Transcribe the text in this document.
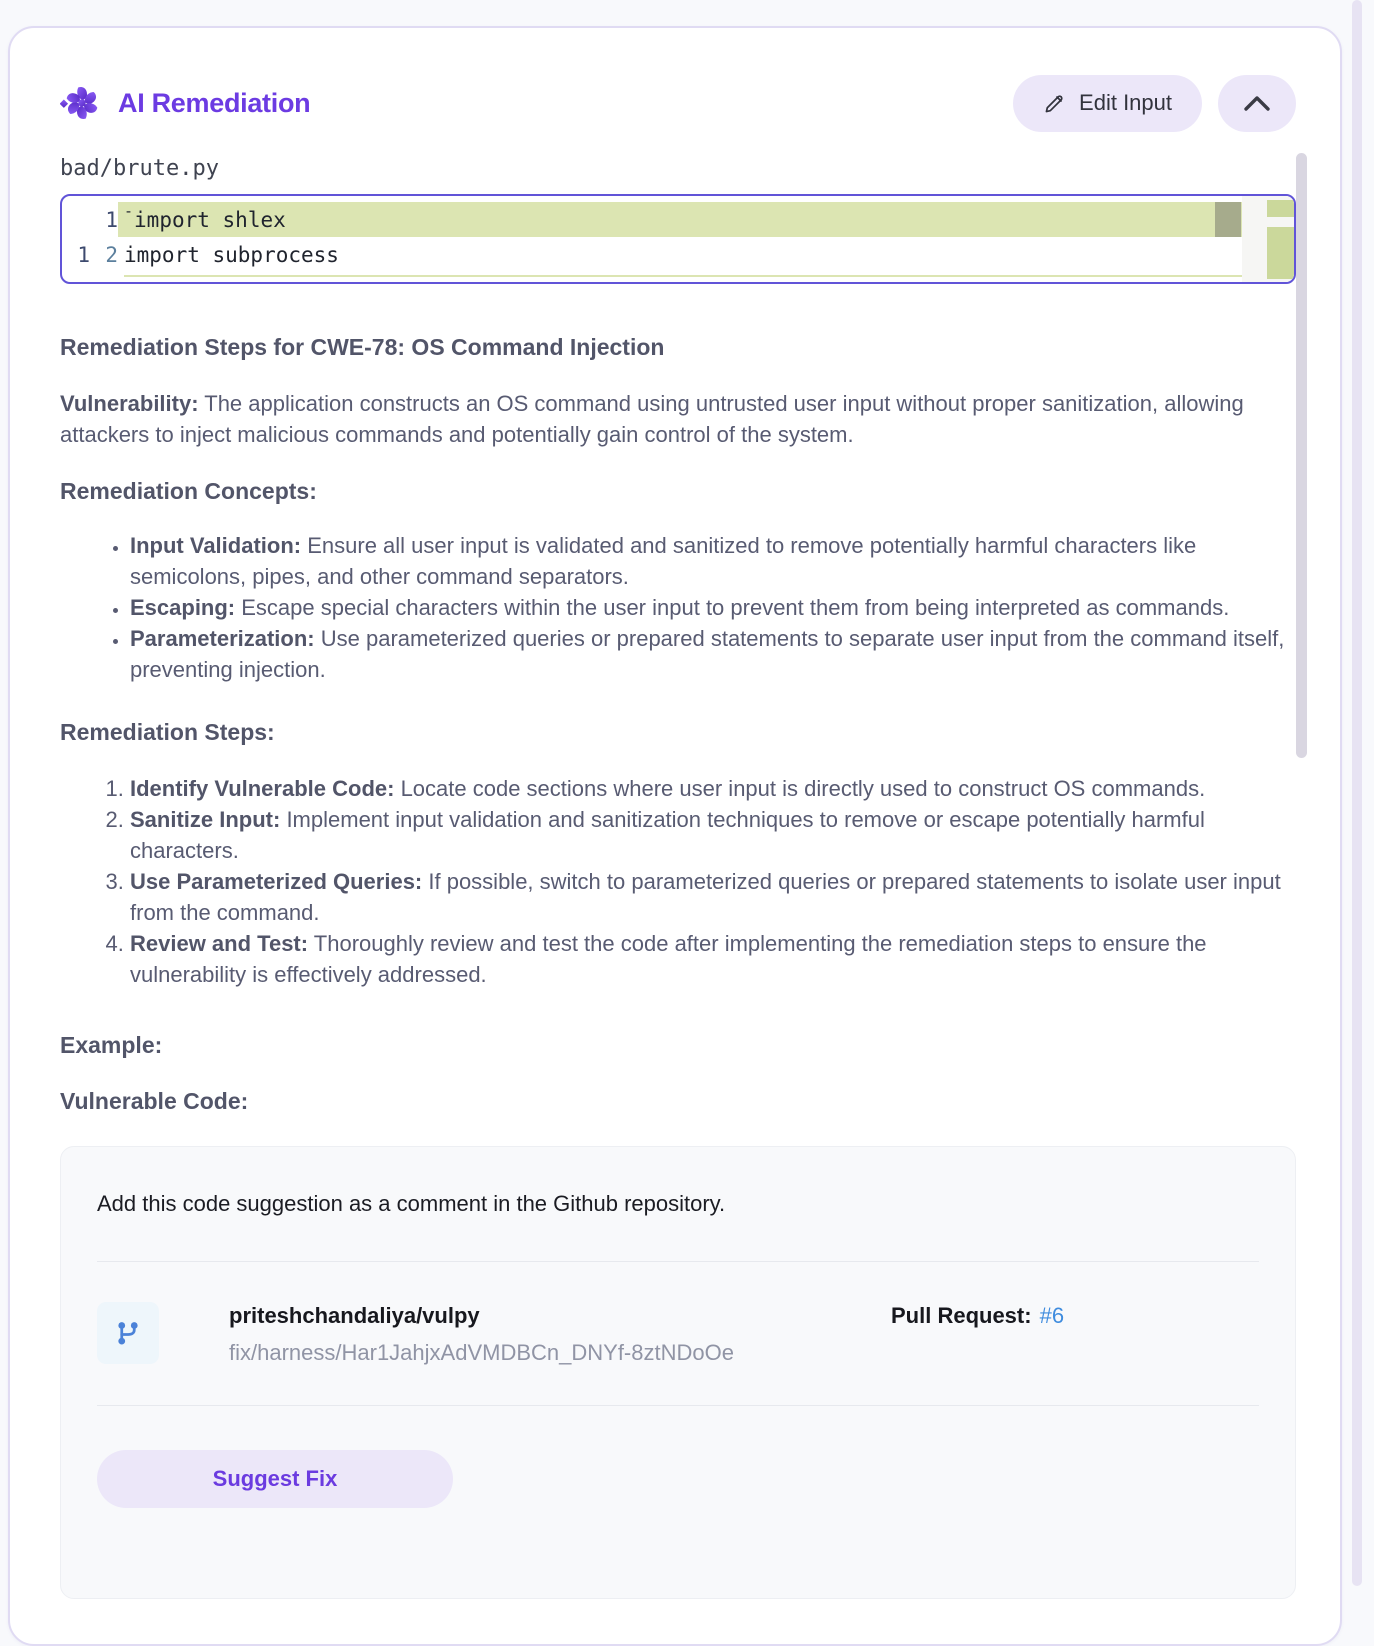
AI Remediation	Edit Input
bad/brute.py
1 - import shlex
1 2 import subprocess
Remediation Steps for CWE-78: OS Command Injection

Vulnerability: The application constructs an OS command using untrusted user input without proper sanitization, allowing attackers to inject malicious commands and potentially gain control of the system.

Remediation Concepts:
• Input Validation: Ensure all user input is validated and sanitized to remove potentially harmful characters like semicolons, pipes, and other command separators.
• Escaping: Escape special characters within the user input to prevent them from being interpreted as commands.
• Parameterization: Use parameterized queries or prepared statements to separate user input from the command itself, preventing injection.
Remediation Steps:
1. Identify Vulnerable Code: Locate code sections where user input is directly used to construct OS commands.
2. Sanitize Input: Implement input validation and sanitization techniques to remove or escape potentially harmful characters.
3. Use Parameterized Queries: If possible, switch to parameterized queries or prepared statements to isolate user input from the command.
4. Review and Test: Thoroughly review and test the code after implementing the remediation steps to ensure the vulnerability is effectively addressed.
Example:
Vulnerable Code:

Add this code suggestion as a comment in the Github repository.

priteshchandaliya/vulpy
fix/harness/Har1JahjxAdVMDBCn_DNYf-8ztNDoOe
Pull Request: #6
Suggest Fix
